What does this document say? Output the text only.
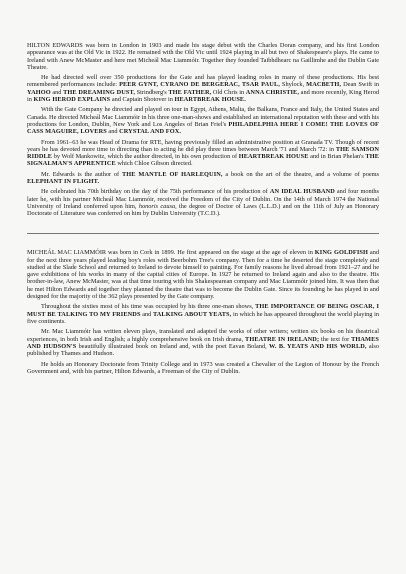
HILTON EDWARDS was born in London in 1903 and made his stage debut with the Charles Doran company, and his first London appearance was at the Old Vic in 1922. He remained with the Old Vic until 1924 playing in all but two of Shakespeare's plays. He came to Ireland with Anew McMaster and here met Micheál Mac Liammóir. Together they founded Taibhdhearc na Gaillimhe and the Dublin Gate Theatre.

He had directed well over 350 productions for the Gate and has played leading roles in many of these productions. His best remembered performances include: PEER GYNT, CYRANO DE BERGERAC, TSAR PAUL, Shylock, MACBETH, Dean Swift in YAHOO and THE DREAMING DUST, Strindberg's THE FATHER, Old Chris in ANNA CHRISTIE, and more recently, King Herod in KING HEROD EXPLAINS and Captain Shotover in HEARTBREAK HOUSE.

With the Gate Company he directed and played on tour in Egypt, Athens, Malta, the Balkans, France and Italy, the United States and Canada. He directed Micheál Mac Liammóir in his three one-man-shows and established an international reputation with these and with his productions for London, Dublin, New York and Los Angeles of Brian Friel's PHILADELPHIA HERE I COME! THE LOVES OF CASS MAGUIRE, LOVERS and CRYSTAL AND FOX.

From 1961–63 he was Head of Drama for RTE, having previously filled an administrative position at Granada TV. Though of recent years he has devoted more time to directing than to acting he did play three times between March '71 and March '72: in THE SAMSON RIDDLE by Wolf Mankowitz, which the author directed, in his own production of HEARTBREAK HOUSE and in Brian Phelan's THE SIGNALMAN'S APPRENTICE which Chloe Gibson directed.

Mr. Edwards is the author of THE MANTLE OF HARLEQUIN, a book on the art of the theatre, and a volume of poems ELEPHANT IN FLIGHT.

He celebrated his 70th birthday on the day of the 75th performance of his production of AN IDEAL HUSBAND and four months later he, with his partner Micheál Mac Liammóir, received the Freedom of the City of Dublin. On the 14th of March 1974 the National University of Ireland conferred upon him, honoris causa, the degree of Doctor of Laws (L.L.D.) and on the 11th of July an Honorary Doctorate of Literature was conferred on him by Dublin University (T.C.D.).

MICHEÁL MAC LIAMMÓIR was born in Cork in 1899. He first appeared on the stage at the age of eleven in KING GOLDFISH and for the next three years played leading boy's roles with Beerbohm Tree's company. Then for a time he deserted the stage completely and studied at the Slade School and returned to Ireland to devote himself to painting. For family reasons he lived abroad from 1921–27 and he gave exhibitions of his works in many of the capital cities of Europe. In 1927 he returned to Ireland again and also to the theatre. His brother-in-law, Anew McMaster, was at that time touring with his Shakespearean company and Mac Liammóir joined him. It was then that he met Hilton Edwards and together they planned the theatre that was to become the Dublin Gate. Since its founding he has played in and designed for the majority of the 362 plays presented by the Gate company.

Throughout the sixties most of his time was occupied by his three one-man shows, THE IMPORTANCE OF BEING OSCAR, I MUST BE TALKING TO MY FRIENDS and TALKING ABOUT YEATS, in which he has appeared throughout the world playing in five continents.

Mr. Mac Liammóir has written eleven plays, translated and adapted the works of other writers; written six books on his theatrical experiences, in both Irish and English; a highly comprehensive book on Irish drama, THEATRE IN IRELAND; the text for THAMES AND HUDSON'S beautifully illustrated book on Ireland and, with the poet Eavan Boland, W. B. YEATS AND HIS WORLD, also published by Thames and Hudson.

He holds an Honorary Doctorate from Trinity College and in 1973 was created a Chevalier of the Legion of Honour by the French Government and, with his partner, Hilton Edwards, a Freeman of the City of Dublin.
